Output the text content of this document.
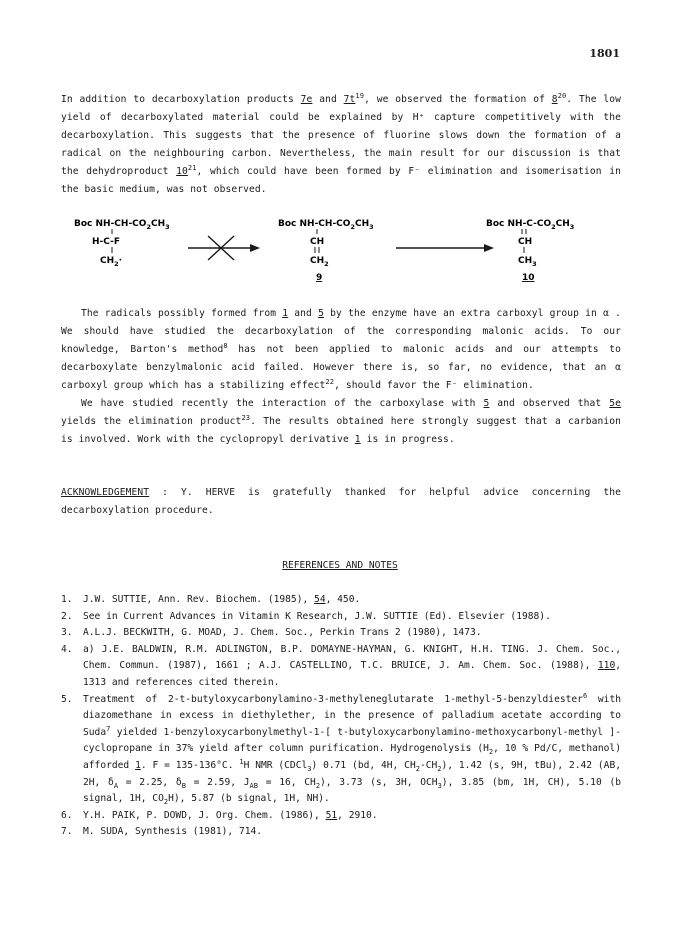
1801

In addition to decarboxylation products 7e and $7t^{19}$, we observed the formation of $8^{20}$. The low yield of decarboxylated material could be explained by H⁺ capture competitively with the decarboxylation. This suggests that the presence of fluorine slows down the formation of a radical on the neighbouring carbon. Nevertheless, the main result for our discussion is that the dehydroproduct $10^{21}$, which could have been formed by F⁻ elimination and isomerisation in the basic medium, was not observed.

Boc $NH-CH-CO_2CH_3$
H-C-F
$CH_2\cdot$
Boc $NH-CH-CO_2CH_3$
CH
$CH_2$
9
Boc $NH-C-CO_2CH_3$
CH
$CH_3$
10

The radicals possibly formed from 1 and 5 by the enzyme have an extra carboxyl group in α . We should have studied the decarboxylation of the corresponding malonic acids. To our knowledge, Barton's method$^8$ has not been applied to malonic acids and our attempts to decarboxylate benzylmalonic acid failed. However there is, so far, no evidence, that an α carboxyl group which has a stabilizing effect$^{22}$, should favor the F⁻ elimination.

We have studied recently the interaction of the carboxylase with 5 and observed that 5e yields the elimination product$^{23}$. The results obtained here strongly suggest that a carbanion is involved. Work with the cyclopropyl derivative 1 is in progress.

ACKNOWLEDGEMENT : Y. HERVE is gratefully thanked for helpful advice concerning the decarboxylation procedure.

REFERENCES AND NOTES
1. J.W. SUTTIE, Ann. Rev. Biochem. (1985), 54, 450.
2. See in Current Advances in Vitamin K Research, J.W. SUTTIE (Ed). Elsevier (1988).
3. A.L.J. BECKWITH, G. MOAD, J. Chem. Soc., Perkin Trans 2 (1980), 1473.
4. a) J.E. BALDWIN, R.M. ADLINGTON, B.P. DOMAYNE-HAYMAN, G. KNIGHT, H.H. TING. J. Chem. Soc., Chem. Commun. (1987), 1661 ; A.J. CASTELLINO, T.C. BRUICE, J. Am. Chem. Soc. (1988), 110, 1313 and references cited therein.
5. Treatment of 2-t-butyloxycarbonylamino-3-methyleneglutarate 1-methyl-5-benzyldiester$^6$ with diazomethane in excess in diethylether, in the presence of palladium acetate according to Suda$^7$ yielded 1-benzyloxycarbonylmethyl-1-[ t-butyloxycarbonylamino-methoxycarbonyl-methyl ]-cyclopropane in 37% yield after column purification. Hydrogenolysis ($H_2$, 10 % Pd/C, methanol) afforded 1. F = 135-136°C. $^1$H NMR (CDCl$_3$) 0.71 (bd, 4H, $CH_2-CH_2$), 1.42 (s, 9H, tBu), 2.42 (AB, 2H, $\delta_A = 2.25$, $\delta_B = 2.59$, $J_{AB} = 16$, $CH_2$), 3.73 (s, 3H, $OCH_3$), 3.85 (bm, 1H, CH), 5.10 (b signal, 1H, $CO_2H$), 5.87 (b signal, 1H, NH).
6. Y.H. PAIK, P. DOWD, J. Org. Chem. (1986), 51, 2910.
7. M. SUDA, Synthesis (1981), 714.
